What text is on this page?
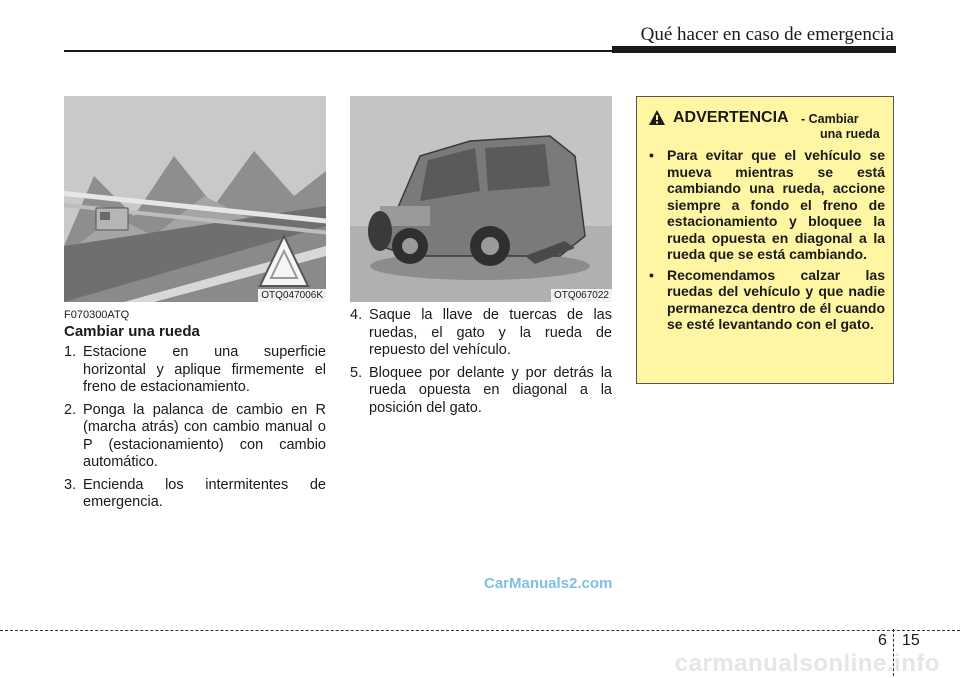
Qué hacer en caso de emergencia
OTQ047006K	OTQ067022
F070300ATQ
Cambiar una rueda
1. Estacione en una superficie horizontal y aplique firmemente el freno de estacionamiento.
2. Ponga la palanca de cambio en R (marcha atrás) con cambio manual o P (estacionamiento) con cambio automático.
3. Encienda los intermitentes de emergencia.
4. Saque la llave de tuercas de las ruedas, el gato y la rueda de repuesto del vehículo.
5. Bloquee por delante y por detrás la rueda opuesta en diagonal a la posición del gato.
ADVERTENCIA - Cambiar
una rueda
• Para evitar que el vehículo se mueva mientras se está cambiando una rueda, accione siempre a fondo el freno de estacionamiento y bloquee la rueda opuesta en diagonal a la rueda que se está cambiando.
• Recomendamos calzar las ruedas del vehículo y que nadie permanezca dentro de él cuando se esté levantando con el gato.
CarManuals2.com
6 15
carmanualsonline.info
